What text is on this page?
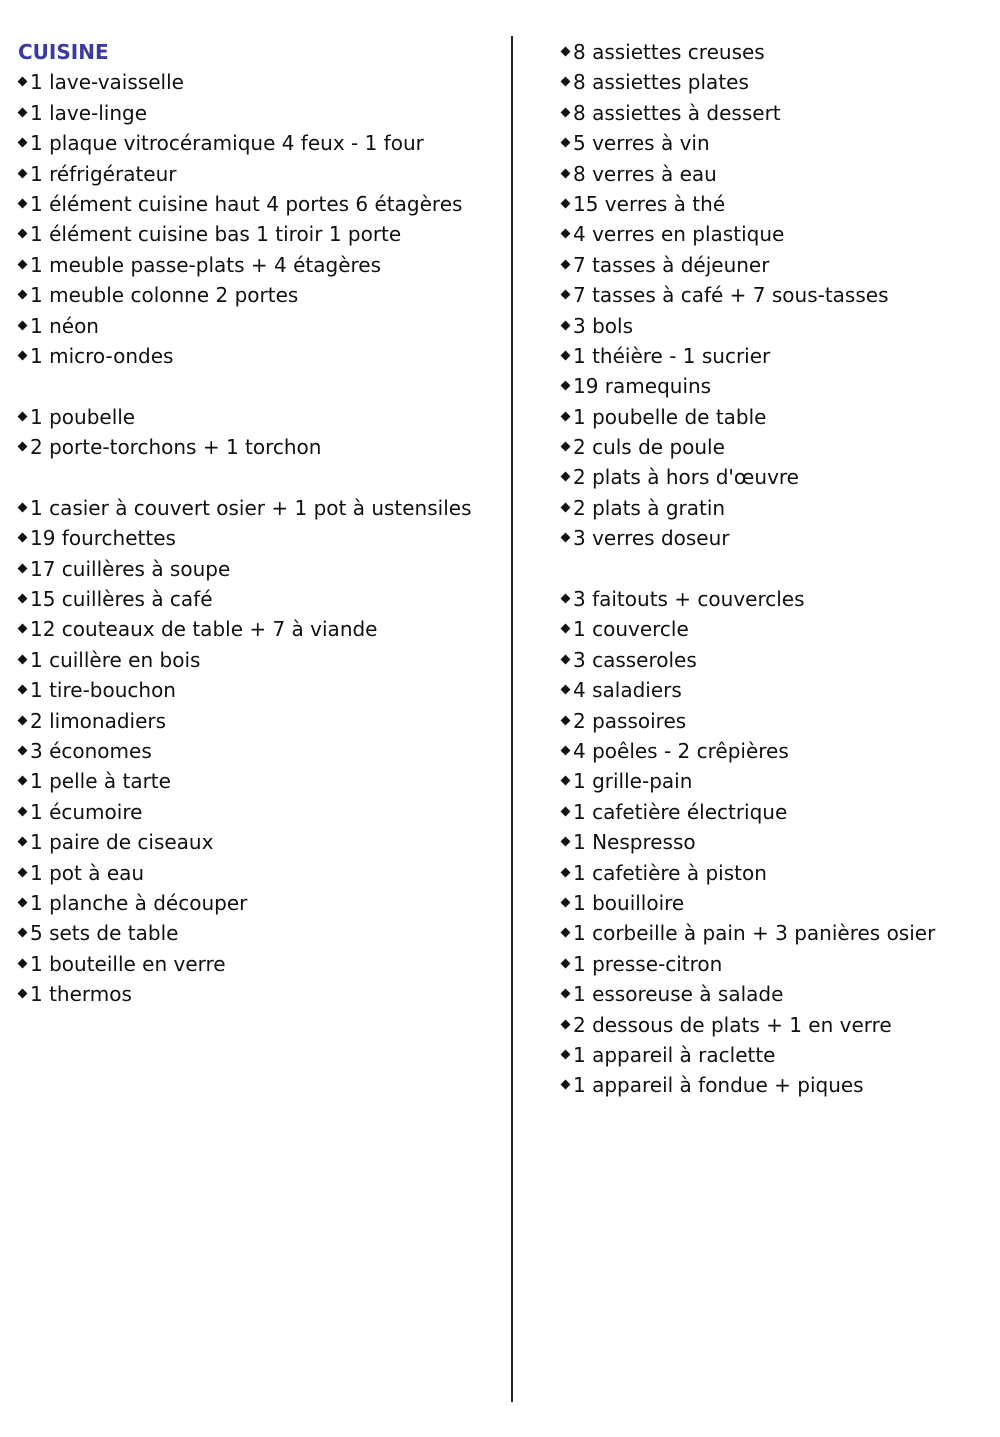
CUISINE
1 lave-vaisselle
1 lave-linge
1 plaque vitrocéramique 4 feux - 1 four
1 réfrigérateur
1 élément cuisine haut 4 portes 6 étagères
1 élément cuisine bas 1 tiroir 1 porte
1 meuble passe-plats + 4 étagères
1 meuble colonne 2 portes
1 néon
1 micro-ondes
1 poubelle
2 porte-torchons + 1 torchon
1 casier à couvert osier + 1 pot à ustensiles
19 fourchettes
17 cuillères à soupe
15 cuillères à café
12 couteaux de table + 7 à viande
1 cuillère en bois
1 tire-bouchon
2 limonadiers
3 économes
1 pelle à tarte
1 écumoire
1 paire de ciseaux
1 pot à eau
1 planche à découper
5 sets de table
1 bouteille en verre
1 thermos
8 assiettes creuses
8 assiettes plates
8 assiettes à dessert
5 verres à vin
8 verres à eau
15 verres à thé
4 verres en plastique
7 tasses à déjeuner
7 tasses à café + 7 sous-tasses
3 bols
1 théière - 1 sucrier
19 ramequins
1 poubelle de table
2 culs de poule
2 plats à hors d'œuvre
2 plats à gratin
3 verres doseur
3 faitouts + couvercles
1 couvercle
3 casseroles
4 saladiers
2 passoires
4 poêles - 2 crêpières
1 grille-pain
1 cafetière électrique
1 Nespresso
1 cafetière à piston
1 bouilloire
1 corbeille à pain + 3 panières osier
1 presse-citron
1 essoreuse à salade
2 dessous de plats + 1 en verre
1 appareil à raclette
1 appareil à fondue + piques
